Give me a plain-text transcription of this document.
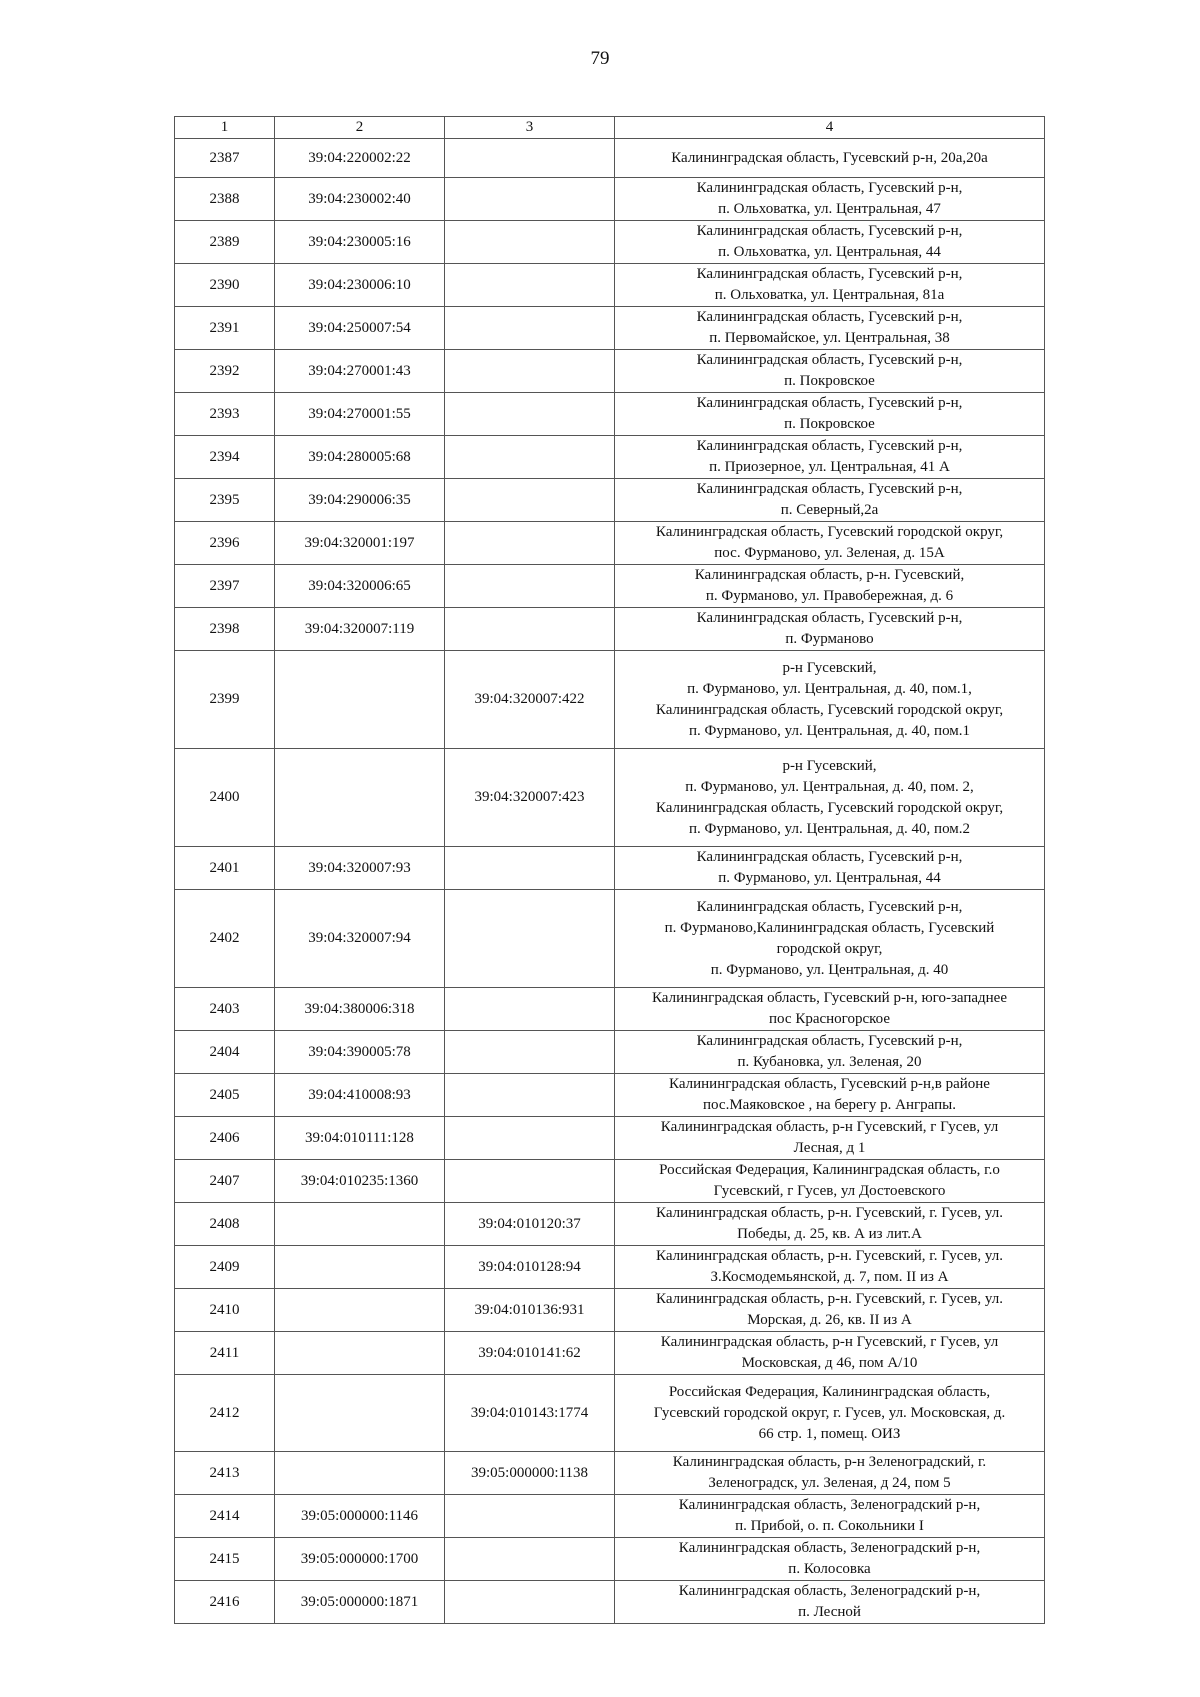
79
1	2	3	4
2387	39:04:220002:22		Калининградская область, Гусевский р-н, 20а,20а

2388	39:04:230002:40		Калининградская область, Гусевский р-н,
п. Ольховатка, ул. Центральная, 47

2389	39:04:230005:16		Калининградская область, Гусевский р-н,
п. Ольховатка, ул. Центральная, 44

2390	39:04:230006:10		Калининградская область, Гусевский р-н,
п. Ольховатка, ул. Центральная, 81а

2391	39:04:250007:54		Калининградская область, Гусевский р-н,
п. Первомайское, ул. Центральная, 38

2392	39:04:270001:43		Калининградская область, Гусевский р-н,
п. Покровское

2393	39:04:270001:55		Калининградская область, Гусевский р-н,
п. Покровское

2394	39:04:280005:68		Калининградская область, Гусевский р-н,
п. Приозерное, ул. Центральная, 41 А

2395	39:04:290006:35		Калининградская область, Гусевский р-н,
п. Северный,2а

2396	39:04:320001:197		Калининградская область, Гусевский городской округ,
пос. Фурманово, ул. Зеленая, д. 15А

2397	39:04:320006:65		Калининградская область, р-н. Гусевский,
п. Фурманово, ул. Правобережная, д. 6

2398	39:04:320007:119		Калининградская область, Гусевский р-н,
п. Фурманово

2399		39:04:320007:422	р-н Гусевский,
п. Фурманово, ул. Центральная, д. 40, пом.1,
Калининградская область, Гусевский городской округ,
п. Фурманово, ул. Центральная, д. 40, пом.1

2400		39:04:320007:423	р-н Гусевский,
п. Фурманово, ул. Центральная, д. 40, пом. 2,
Калининградская область, Гусевский городской округ,
п. Фурманово, ул. Центральная, д. 40, пом.2

2401	39:04:320007:93		Калининградская область, Гусевский р-н,
п. Фурманово, ул. Центральная, 44

2402	39:04:320007:94		Калининградская область, Гусевский р-н,
п. Фурманово,Калининградская область, Гусевский
городской округ,
п. Фурманово, ул. Центральная, д. 40

2403	39:04:380006:318		Калининградская область, Гусевский р-н, юго-западнее
пос Красногорское

2404	39:04:390005:78		Калининградская область, Гусевский р-н,
п. Кубановка, ул. Зеленая, 20

2405	39:04:410008:93		Калининградская область, Гусевский р-н,в районе
пос.Маяковское , на берегу р. Анграпы.

2406	39:04:010111:128		Калининградская область, р-н Гусевский, г Гусев, ул
Лесная, д 1

2407	39:04:010235:1360		Российская Федерация, Калининградская область, г.о
Гусевский, г Гусев, ул Достоевского

2408		39:04:010120:37	Калининградская область, р-н. Гусевский, г. Гусев, ул.
Победы, д. 25, кв. А из лит.А

2409		39:04:010128:94	Калининградская область, р-н. Гусевский, г. Гусев, ул.
З.Космодемьянской, д. 7, пом. II из А

2410		39:04:010136:931	Калининградская область, р-н. Гусевский, г. Гусев, ул.
Морская, д. 26, кв. II из А

2411		39:04:010141:62	Калининградская область, р-н Гусевский, г Гусев, ул
Московская, д 46, пом А/10

2412		39:04:010143:1774	Российская Федерация, Калининградская область,
Гусевский городской округ, г. Гусев, ул. Московская, д.
66 стр. 1, помещ. ОИЗ

2413		39:05:000000:1138	Калининградская область, р-н Зеленоградский, г.
Зеленоградск, ул. Зеленая, д 24, пом 5

2414	39:05:000000:1146		Калининградская область, Зеленоградский р-н,
п. Прибой, о. п. Сокольники I

2415	39:05:000000:1700		Калининградская область, Зеленоградский р-н,
п. Колосовка

2416	39:05:000000:1871		Калининградская область, Зеленоградский р-н,
п. Лесной
